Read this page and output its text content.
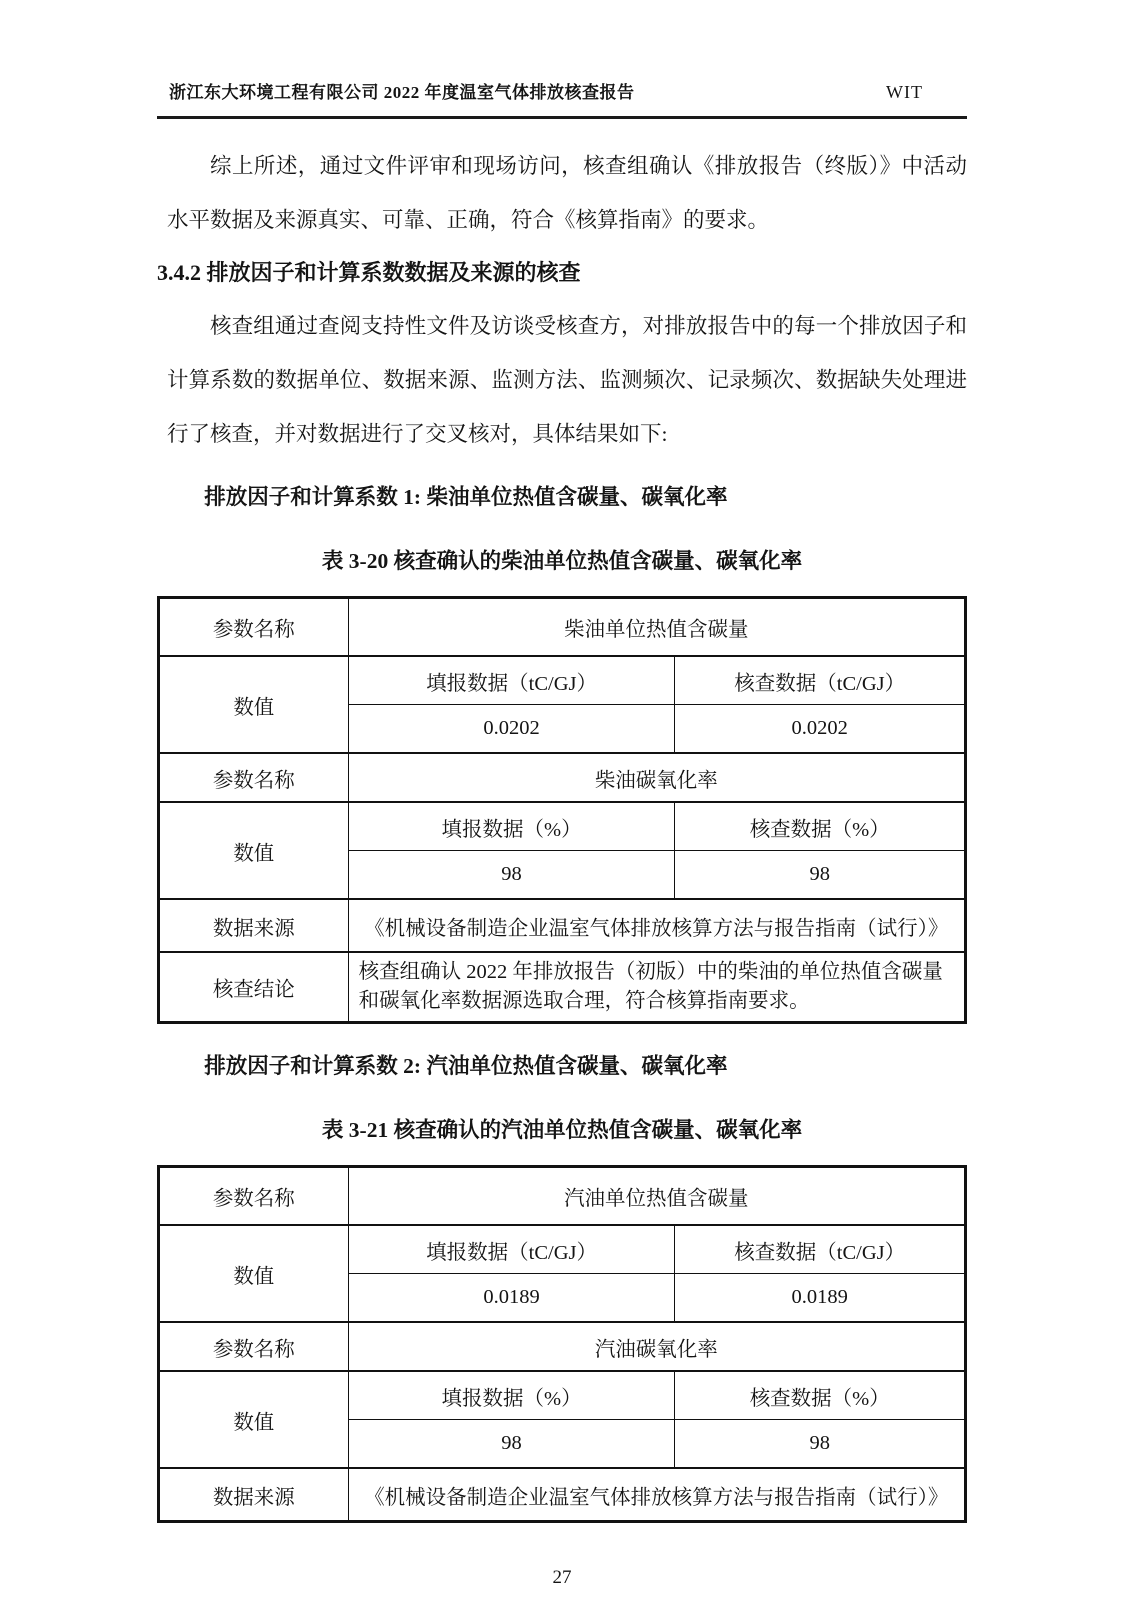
浙江东大环境工程有限公司 2022 年度温室气体排放核查报告	WIT

综上所述，通过文件评审和现场访问，核查组确认《排放报告（终版）》中活动水平数据及来源真实、可靠、正确，符合《核算指南》的要求。

3.4.2 排放因子和计算系数数据及来源的核查

核查组通过查阅支持性文件及访谈受核查方，对排放报告中的每一个排放因子和计算系数的数据单位、数据来源、监测方法、监测频次、记录频次、数据缺失处理进行了核查，并对数据进行了交叉核对，具体结果如下:

排放因子和计算系数 1: 柴油单位热值含碳量、碳氧化率
表 3-20 核查确认的柴油单位热值含碳量、碳氧化率
参数名称	柴油单位热值含碳量	
数值	填报数据（tC/GJ）	核查数据（tC/GJ）
	0.0202	0.0202
参数名称	柴油碳氧化率	
数值	填报数据（%）	核查数据（%）
	98	98
数据来源	《机械设备制造企业温室气体排放核算方法与报告指南（试行）》	
核查结论	核查组确认 2022 年排放报告（初版）中的柴油的单位热值含碳量和碳氧化率数据源选取合理，符合核算指南要求。	
排放因子和计算系数 2: 汽油单位热值含碳量、碳氧化率
表 3-21 核查确认的汽油单位热值含碳量、碳氧化率
参数名称	汽油单位热值含碳量	
数值	填报数据（tC/GJ）	核查数据（tC/GJ）
	0.0189	0.0189
参数名称	汽油碳氧化率	
数值	填报数据（%）	核查数据（%）
	98	98
数据来源	《机械设备制造企业温室气体排放核算方法与报告指南（试行）》	
27
